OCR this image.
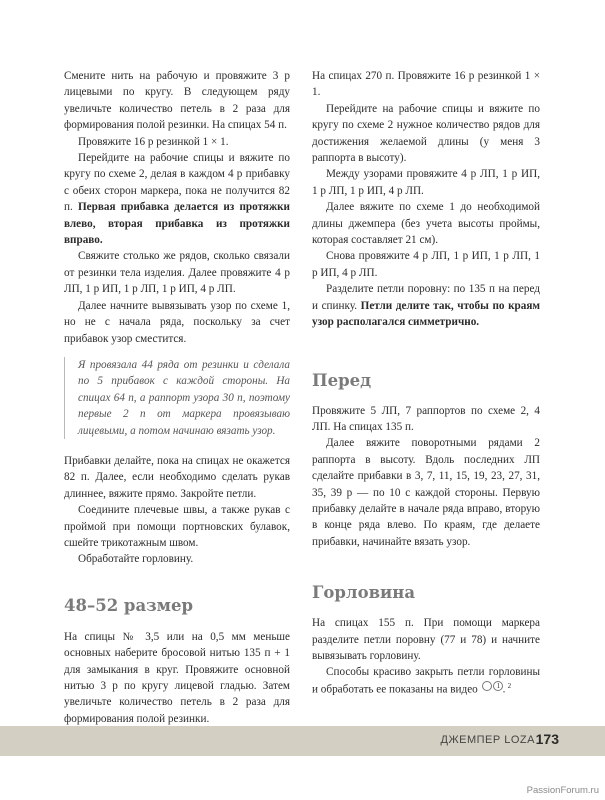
Смените нить на рабочую и провяжите 3 р лицевыми по кругу. В следующем ряду увеличьте количество петель в 2 раза для формирования полой резинки. На спицах 54 п.

Провяжите 16 р резинкой 1 × 1.

Перейдите на рабочие спицы и вяжите по кругу по схеме 2, делая в каждом 4 р прибавку с обеих сторон маркера, пока не получится 82 п. Первая прибавка делается из протяжки влево, вторая прибавка из протяжки вправо.

Свяжите столько же рядов, сколько связали от резинки тела изделия. Далее провяжите 4 р ЛП, 1 р ИП, 1 р ЛП, 1 р ИП, 4 р ЛП.

Далее начните вывязывать узор по схеме 1, но не с начала ряда, поскольку за счет прибавок узор сместится.

Я провязала 44 ряда от резинки и сделала по 5 прибавок с каждой стороны. На спицах 64 п, а раппорт узора 30 п, поэтому первые 2 п от маркера провязываю лицевыми, а потом начинаю вязать узор.

Прибавки делайте, пока на спицах не окажется 82 п. Далее, если необходимо сделать рукав длиннее, вяжите прямо. Закройте петли.

Соедините плечевые швы, а также рукав с проймой при помощи портновских булавок, сшейте трикотажным швом.

Обработайте горловину.

48–52 размер

На спицы № 3,5 или на 0,5 мм меньше основных наберите бросовой нитью 135 п + 1 для замыкания в круг. Провяжите основной нитью 3 р по кругу лицевой гладью. Затем увеличьте количество петель в 2 раза для формирования полой резинки.

На спицах 270 п. Провяжите 16 р резинкой 1 × 1.

Перейдите на рабочие спицы и вяжите по кругу по схеме 2 нужное количество рядов для достижения желаемой длины (у меня 3 раппорта в высоту).

Между узорами провяжите 4 р ЛП, 1 р ИП, 1 р ЛП, 1 р ИП, 4 р ЛП.

Далее вяжите по схеме 1 до необходимой длины джемпера (без учета высоты проймы, которая составляет 21 см).

Снова провяжите 4 р ЛП, 1 р ИП, 1 р ЛП, 1 р ИП, 4 р ЛП.

Разделите петли поровну: по 135 п на перед и спинку. Петли делите так, чтобы по краям узор располагался симметрично.

Перед

Провяжите 5 ЛП, 7 раппортов по схеме 2, 4 ЛП. На спицах 135 п.

Далее вяжите поворотными рядами 2 раппорта в высоту. Вдоль последних ЛП сделайте прибавки в 3, 7, 11, 15, 19, 23, 27, 31, 35, 39 р — по 10 с каждой стороны. Первую прибавку делайте в начале ряда вправо, вторую в конце ряда влево. По краям, где делаете прибавки, начинайте вязать узор.

Горловина

На спицах 155 п. При помощи маркера разделите петли поровну (77 и 78) и начните вывязывать горловину.

Способы красиво закрыть петли горловины и обработать ее показаны на видео	1 2.

ДЖЕМПЕР LOZA 173
PassionForum.ru
